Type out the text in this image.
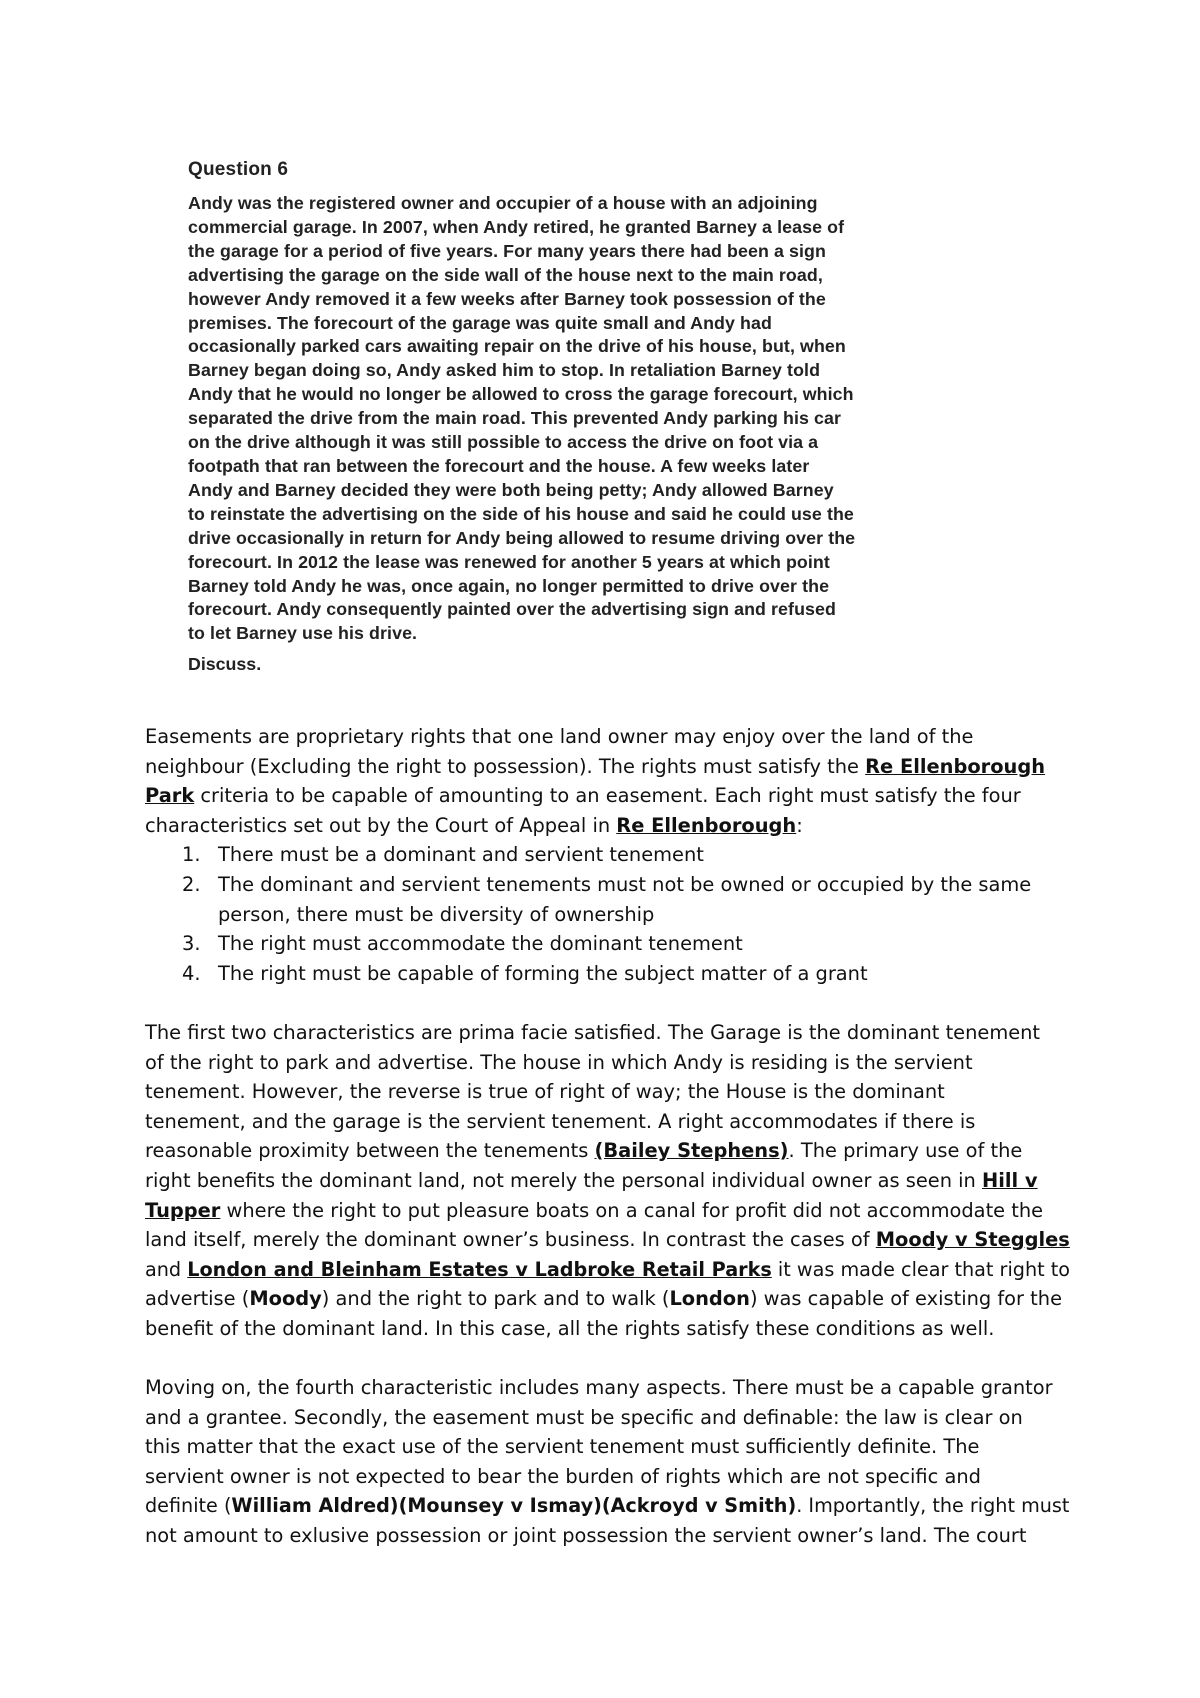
Question 6
Andy was the registered owner and occupier of a house with an adjoining
commercial garage. In 2007, when Andy retired, he granted Barney a lease of
the garage for a period of five years. For many years there had been a sign
advertising the garage on the side wall of the house next to the main road,
however Andy removed it a few weeks after Barney took possession of the
premises. The forecourt of the garage was quite small and Andy had
occasionally parked cars awaiting repair on the drive of his house, but, when
Barney began doing so, Andy asked him to stop. In retaliation Barney told
Andy that he would no longer be allowed to cross the garage forecourt, which
separated the drive from the main road. This prevented Andy parking his car
on the drive although it was still possible to access the drive on foot via a
footpath that ran between the forecourt and the house. A few weeks later
Andy and Barney decided they were both being petty; Andy allowed Barney
to reinstate the advertising on the side of his house and said he could use the
drive occasionally in return for Andy being allowed to resume driving over the
forecourt. In 2012 the lease was renewed for another 5 years at which point
Barney told Andy he was, once again, no longer permitted to drive over the
forecourt. Andy consequently painted over the advertising sign and refused
to let Barney use his drive.
Discuss.

Easements are proprietary rights that one land owner may enjoy over the land of the
neighbour (Excluding the right to possession). The rights must satisfy the Re Ellenborough
Park criteria to be capable of amounting to an easement. Each right must satisfy the four
characteristics set out by the Court of Appeal in Re Ellenborough:

1. There must be a dominant and servient tenement
2. The dominant and servient tenements must not be owned or occupied by the same
person, there must be diversity of ownership
3. The right must accommodate the dominant tenement
4. The right must be capable of forming the subject matter of a grant

The first two characteristics are prima facie satisfied. The Garage is the dominant tenement
of the right to park and advertise. The house in which Andy is residing is the servient
tenement. However, the reverse is true of right of way; the House is the dominant
tenement, and the garage is the servient tenement. A right accommodates if there is
reasonable proximity between the tenements (Bailey Stephens). The primary use of the
right benefits the dominant land, not merely the personal individual owner as seen in Hill v
Tupper where the right to put pleasure boats on a canal for profit did not accommodate the
land itself, merely the dominant owner’s business. In contrast the cases of Moody v Steggles
and London and Bleinham Estates v Ladbroke Retail Parks it was made clear that right to
advertise (Moody) and the right to park and to walk (London) was capable of existing for the
benefit of the dominant land. In this case, all the rights satisfy these conditions as well.

Moving on, the fourth characteristic includes many aspects. There must be a capable grantor
and a grantee. Secondly, the easement must be specific and definable: the law is clear on
this matter that the exact use of the servient tenement must sufficiently definite. The
servient owner is not expected to bear the burden of rights which are not specific and
definite (William Aldred)(Mounsey v Ismay)(Ackroyd v Smith). Importantly, the right must
not amount to exlusive possession or joint possession the servient owner’s land. The court
